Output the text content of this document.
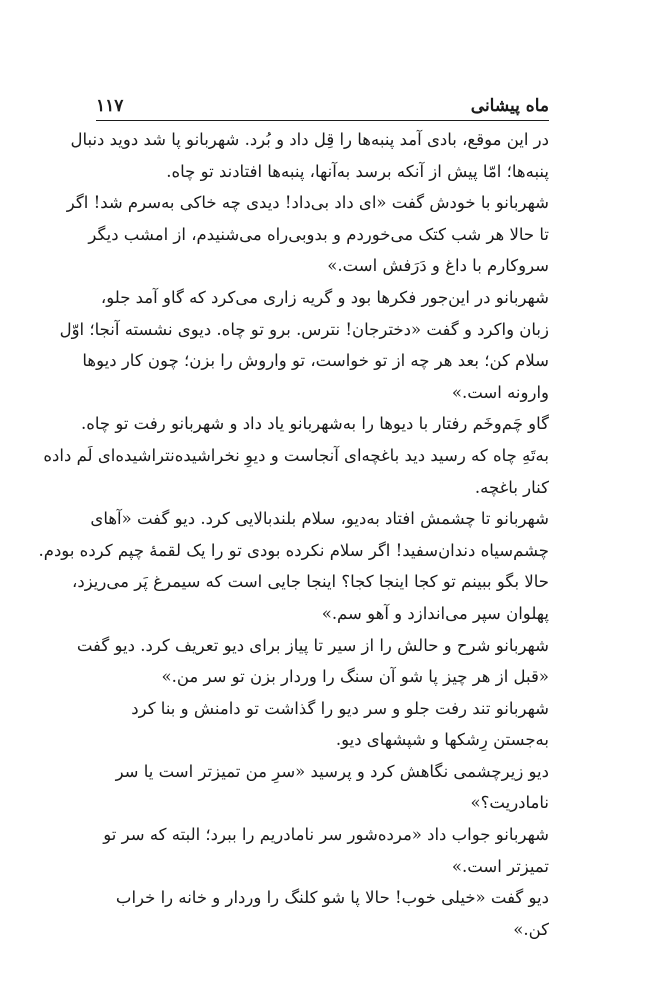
ماه پیشانی
۱۱۷

در این موقع، بادی آمد پنبه‌ها را قِل داد و بُرد. شهربانو پا شد دوید دنبال
پنبه‌ها؛ امّا پیش از آنکه برسد به‌آنها، پنبه‌ها افتادند تو چاه.

شهربانو با خودش گفت «ای داد بی‌داد! دیدی چه خاکی به‌سرم شد! اگر
تا حالا هر شب کتک می‌خوردم و بدوبی‌راه می‌شنیدم، از امشب دیگر
سروکارم با داغ و دَرَفش است.»

شهربانو در این‌جور فکرها بود و گریه زاری می‌کرد که گاو آمد جلو،
زبان واکرد و گفت «دخترجان! نترس. برو تو چاه. دیوی نشسته آنجا؛ اوّل
سلام کن؛ بعد هر چه از تو خواست، تو واروش را بزن؛ چون کار دیوها
وارونه است.»

گاو چَم‌وخَم رفتار با دیوها را به‌شهربانو یاد داد و شهربانو رفت تو چاه.
به‌تَهِ چاه که رسید دید باغچه‌ای آنجاست و دیوِ نخراشیده‌نتراشیده‌ای لَم داده
کنار باغچه.

شهربانو تا چشمش افتاد به‌دیو، سلام بلندبالایی کرد. دیو گفت «آهای
چشم‌سیاه دندان‌سفید! اگر سلام نکرده بودی تو را یک لقمهٔ چپم کرده بودم.
حالا بگو ببینم تو کجا اینجا کجا؟ اینجا جایی است که سیمرغ پَر می‌ریزد،
پهلوان سپر می‌اندازد و آهو سم.»

شهربانو شرح و حالش را از سیر تا پیاز برای دیو تعریف کرد. دیو گفت
«قبل از هر چیز پا شو آن سنگ را وردار بزن تو سر من.»

شهربانو تند رفت جلو و سر دیو را گذاشت تو دامنش و بنا کرد
به‌جستن رِشکها و شپشهای دیو.

دیو زیرچشمی نگاهش کرد و پرسید «سرِ من تمیزتر است یا سر
نامادریت؟»

شهربانو جواب داد «مرده‌شور سر نامادریم را ببرد؛ البته که سر تو
تمیزتر است.»

دیو گفت «خیلی خوب! حالا پا شو کلنگ را وردار و خانه را خراب
کن.»
